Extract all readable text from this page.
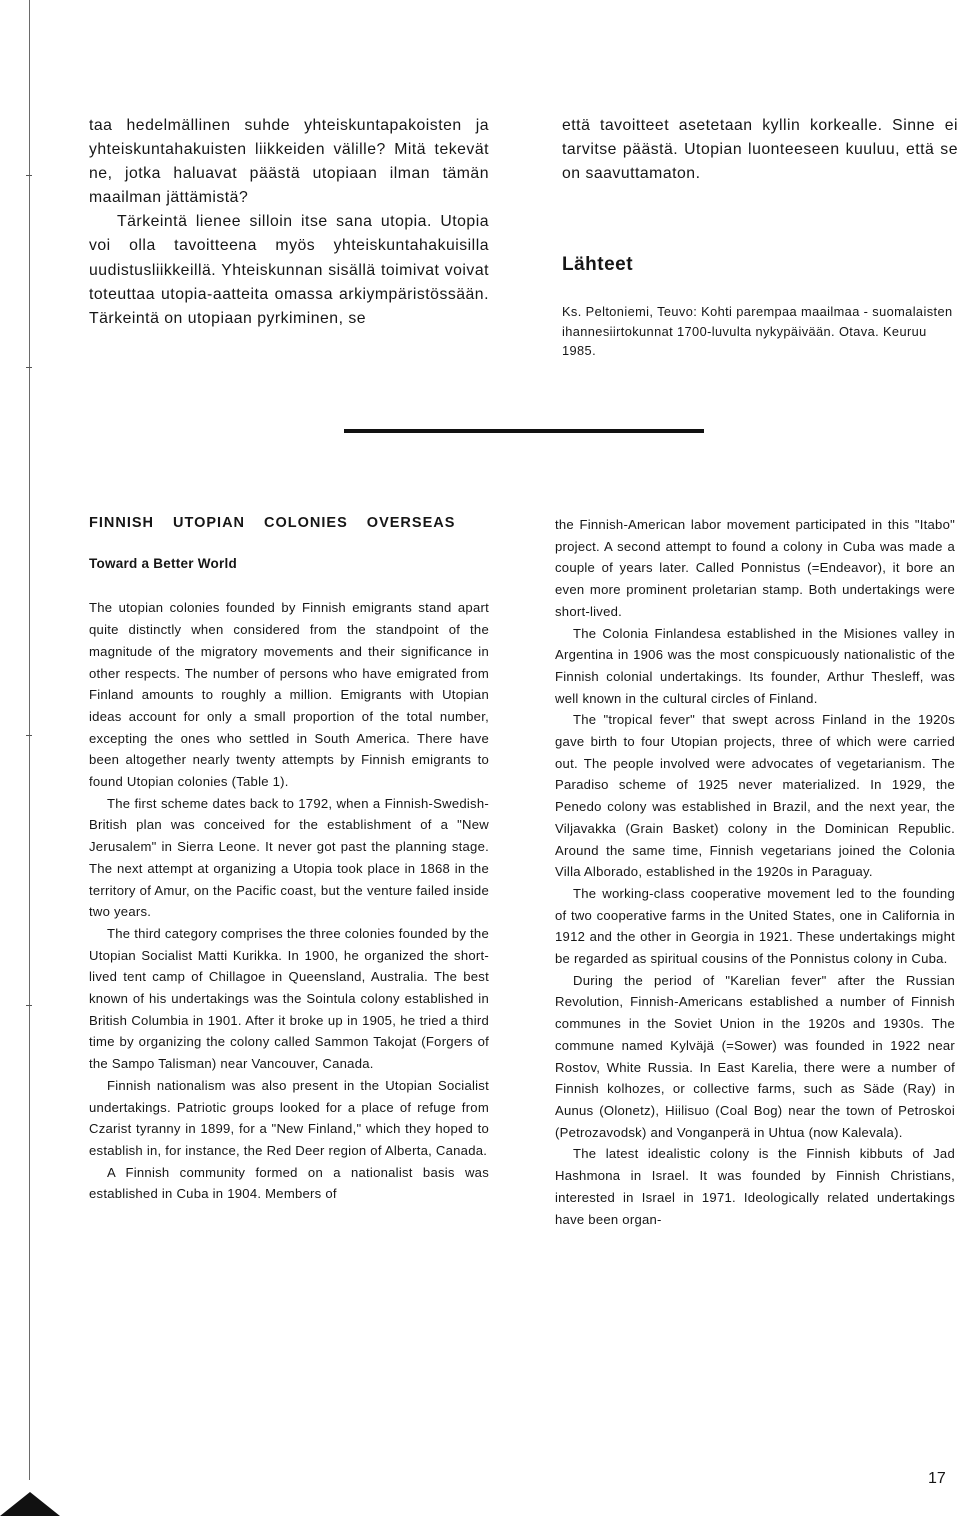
taa hedelmällinen suhde yhteiskuntapakoisten ja yhteiskuntahakuisten liikkeiden välille? Mitä tekevät ne, jotka haluavat päästä utopiaan ilman tämän maailman jättämistä?

Tärkeintä lienee silloin itse sana utopia. Utopia voi olla tavoitteena myös yhteiskuntahakuisilla uudistusliikkeillä. Yhteiskunnan sisällä toimivat voivat toteuttaa utopia-aatteita omassa arkiympäristössään. Tärkeintä on utopiaan pyrkiminen, se

että tavoitteet asetetaan kyllin korkealle. Sinne ei tarvitse päästä. Utopian luonteeseen kuuluu, että se on saavuttamaton.

Lähteet

Ks. Peltoniemi, Teuvo: Kohti parempaa maailmaa - suomalaisten ihannesiirtokunnat 1700-luvulta nykypäivään. Otava. Keuruu 1985.

FINNISH UTOPIAN COLONIES OVERSEAS

Toward a Better World

The utopian colonies founded by Finnish emigrants stand apart quite distinctly when considered from the standpoint of the magnitude of the migratory movements and their significance in other respects. The number of persons who have emigrated from Finland amounts to roughly a million. Emigrants with Utopian ideas account for only a small proportion of the total number, excepting the ones who settled in South America. There have been altogether nearly twenty attempts by Finnish emigrants to found Utopian colonies (Table 1).

The first scheme dates back to 1792, when a Finnish-Swedish-British plan was conceived for the establishment of a "New Jerusalem" in Sierra Leone. It never got past the planning stage. The next attempt at organizing a Utopia took place in 1868 in the territory of Amur, on the Pacific coast, but the venture failed inside two years.

The third category comprises the three colonies founded by the Utopian Socialist Matti Kurikka. In 1900, he organized the short-lived tent camp of Chillagoe in Queensland, Australia. The best known of his undertakings was the Sointula colony established in British Columbia in 1901. After it broke up in 1905, he tried a third time by organizing the colony called Sammon Takojat (Forgers of the Sampo Talisman) near Vancouver, Canada.

Finnish nationalism was also present in the Utopian Socialist undertakings. Patriotic groups looked for a place of refuge from Czarist tyranny in 1899, for a "New Finland," which they hoped to establish in, for instance, the Red Deer region of Alberta, Canada.

A Finnish community formed on a nationalist basis was established in Cuba in 1904. Members of

the Finnish-American labor movement participated in this "Itabo" project. A second attempt to found a colony in Cuba was made a couple of years later. Called Ponnistus (=Endeavor), it bore an even more prominent proletarian stamp. Both undertakings were short-lived.

The Colonia Finlandesa established in the Misiones valley in Argentina in 1906 was the most conspicuously nationalistic of the Finnish colonial undertakings. Its founder, Arthur Thesleff, was well known in the cultural circles of Finland.

The "tropical fever" that swept across Finland in the 1920s gave birth to four Utopian projects, three of which were carried out. The people involved were advocates of vegetarianism. The Paradiso scheme of 1925 never materialized. In 1929, the Penedo colony was established in Brazil, and the next year, the Viljavakka (Grain Basket) colony in the Dominican Republic. Around the same time, Finnish vegetarians joined the Colonia Villa Alborado, established in the 1920s in Paraguay.

The working-class cooperative movement led to the founding of two cooperative farms in the United States, one in California in 1912 and the other in Georgia in 1921. These undertakings might be regarded as spiritual cousins of the Ponnistus colony in Cuba.

During the period of "Karelian fever" after the Russian Revolution, Finnish-Americans established a number of Finnish communes in the Soviet Union in the 1920s and 1930s. The commune named Kylväjä (=Sower) was founded in 1922 near Rostov, White Russia. In East Karelia, there were a number of Finnish kolhozes, or collective farms, such as Säde (Ray) in Aunus (Olonetz), Hiilisuo (Coal Bog) near the town of Petroskoi (Petrozavodsk) and Vonganperä in Uhtua (now Kalevala).

The latest idealistic colony is the Finnish kibbuts of Jad Hashmona in Israel. It was founded by Finnish Christians, interested in Israel in 1971. Ideologically related undertakings have been organ-

17
